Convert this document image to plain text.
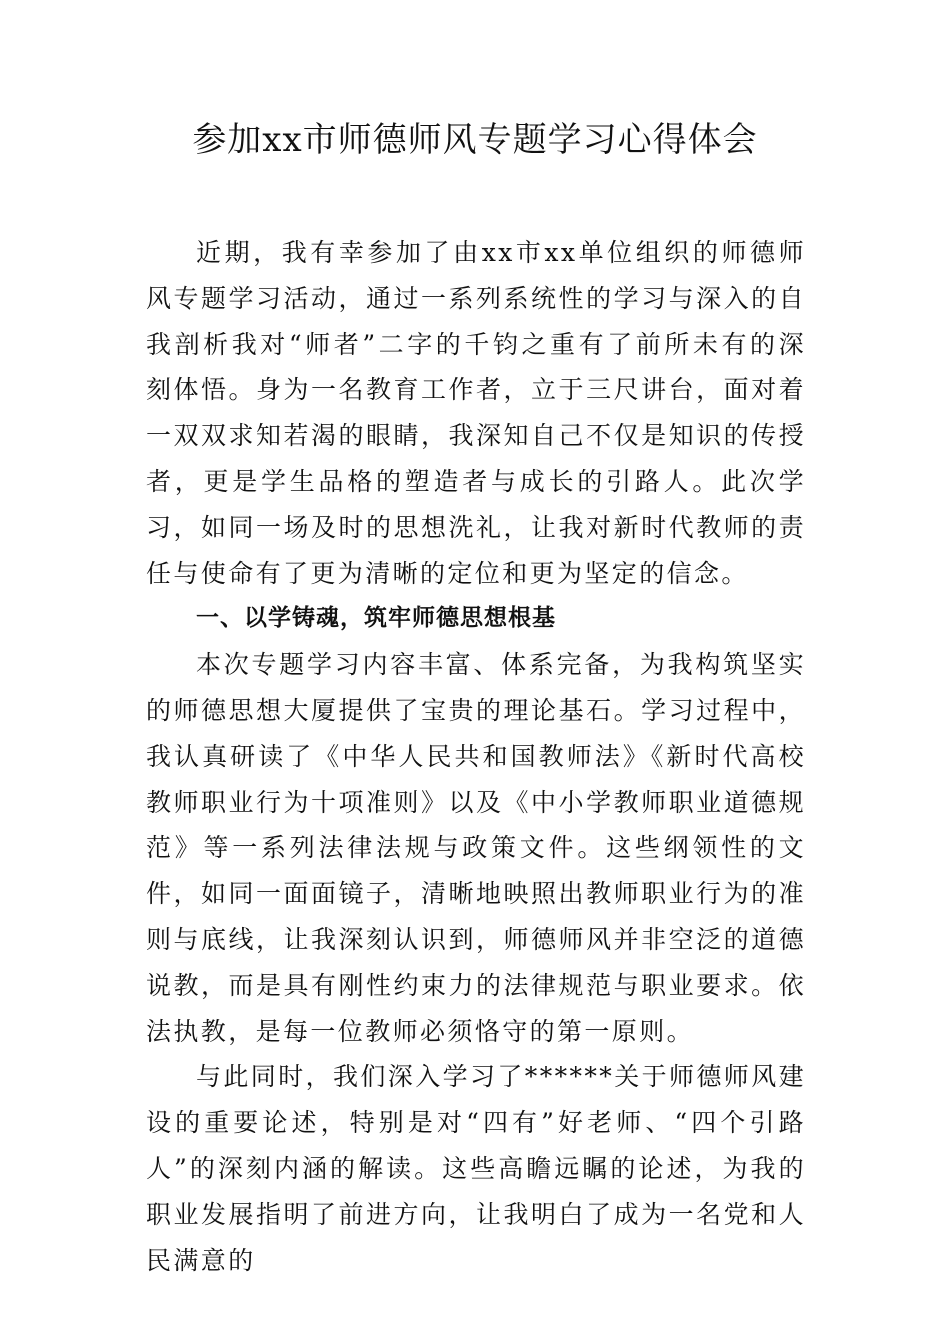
参加xx市师德师风专题学习心得体会

近期，我有幸参加了由xx市xx单位组织的师德师风专题学习活动，通过一系列系统性的学习与深入的自我剖析我对“师者”二字的千钧之重有了前所未有的深刻体悟。身为一名教育工作者，立于三尺讲台，面对着一双双求知若渴的眼睛，我深知自己不仅是知识的传授者，更是学生品格的塑造者与成长的引路人。此次学习，如同一场及时的思想洗礼，让我对新时代教师的责任与使命有了更为清晰的定位和更为坚定的信念。

一、以学铸魂，筑牢师德思想根基

本次专题学习内容丰富、体系完备，为我构筑坚实的师德思想大厦提供了宝贵的理论基石。学习过程中，我认真研读了《中华人民共和国教师法》《新时代高校教师职业行为十项准则》以及《中小学教师职业道德规范》等一系列法律法规与政策文件。这些纲领性的文件，如同一面面镜子，清晰地映照出教师职业行为的准则与底线，让我深刻认识到，师德师风并非空泛的道德说教，而是具有刚性约束力的法律规范与职业要求。依法执教，是每一位教师必须恪守的第一原则。

与此同时，我们深入学习了******关于师德师风建设的重要论述，特别是对“四有”好老师、“四个引路人”的深刻内涵的解读。这些高瞻远瞩的论述，为我的职业发展指明了前进方向，让我明白了成为一名党和人民满意的
